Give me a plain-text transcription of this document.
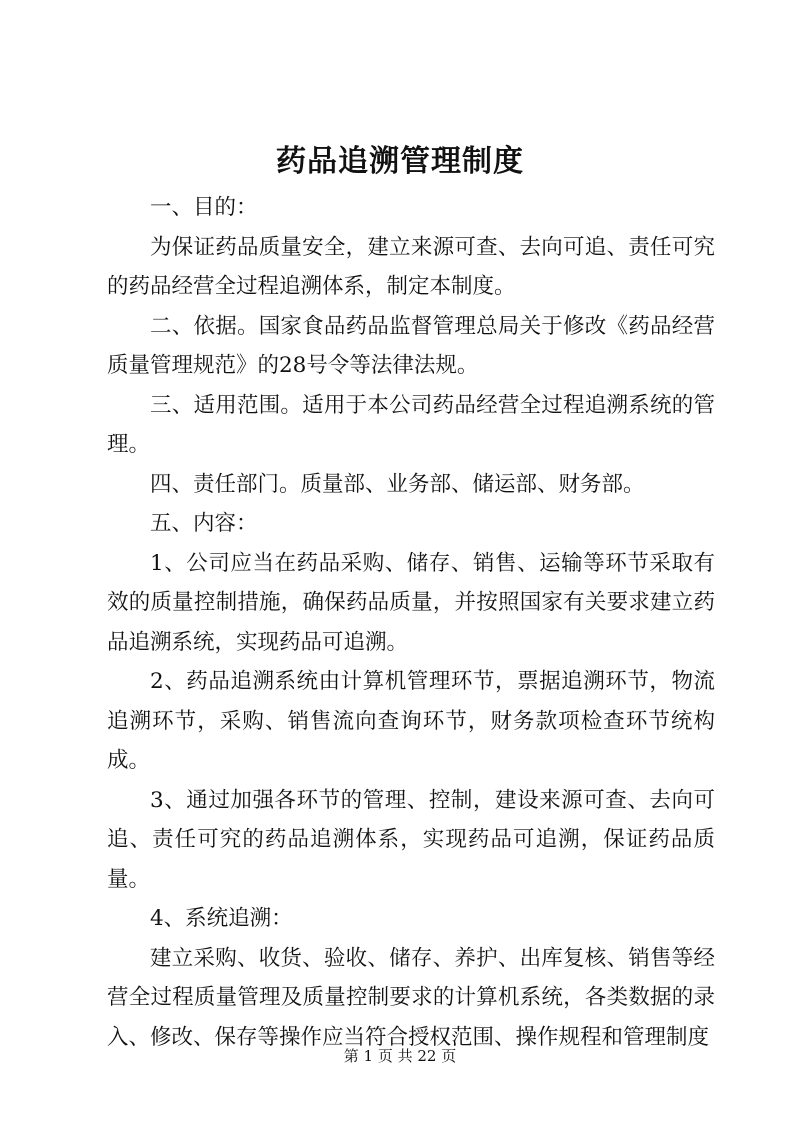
药品追溯管理制度

一、目的：

为保证药品质量安全，建立来源可查、去向可追、责任可究的药品经营全过程追溯体系，制定本制度。

二、依据。国家食品药品监督管理总局关于修改《药品经营质量管理规范》的28号令等法律法规。

三、适用范围。适用于本公司药品经营全过程追溯系统的管理。

四、责任部门。质量部、业务部、储运部、财务部。

五、内容：

1、公司应当在药品采购、储存、销售、运输等环节采取有效的质量控制措施，确保药品质量，并按照国家有关要求建立药品追溯系统，实现药品可追溯。

2、药品追溯系统由计算机管理环节，票据追溯环节，物流追溯环节，采购、销售流向查询环节，财务款项检查环节统构成。

3、通过加强各环节的管理、控制，建设来源可查、去向可追、责任可究的药品追溯体系，实现药品可追溯，保证药品质量。

4、系统追溯：

建立采购、收货、验收、储存、养护、出库复核、销售等经营全过程质量管理及质量控制要求的计算机系统，各类数据的录入、修改、保存等操作应当符合授权范围、操作规程和管理制度

第 1 页 共 22 页
